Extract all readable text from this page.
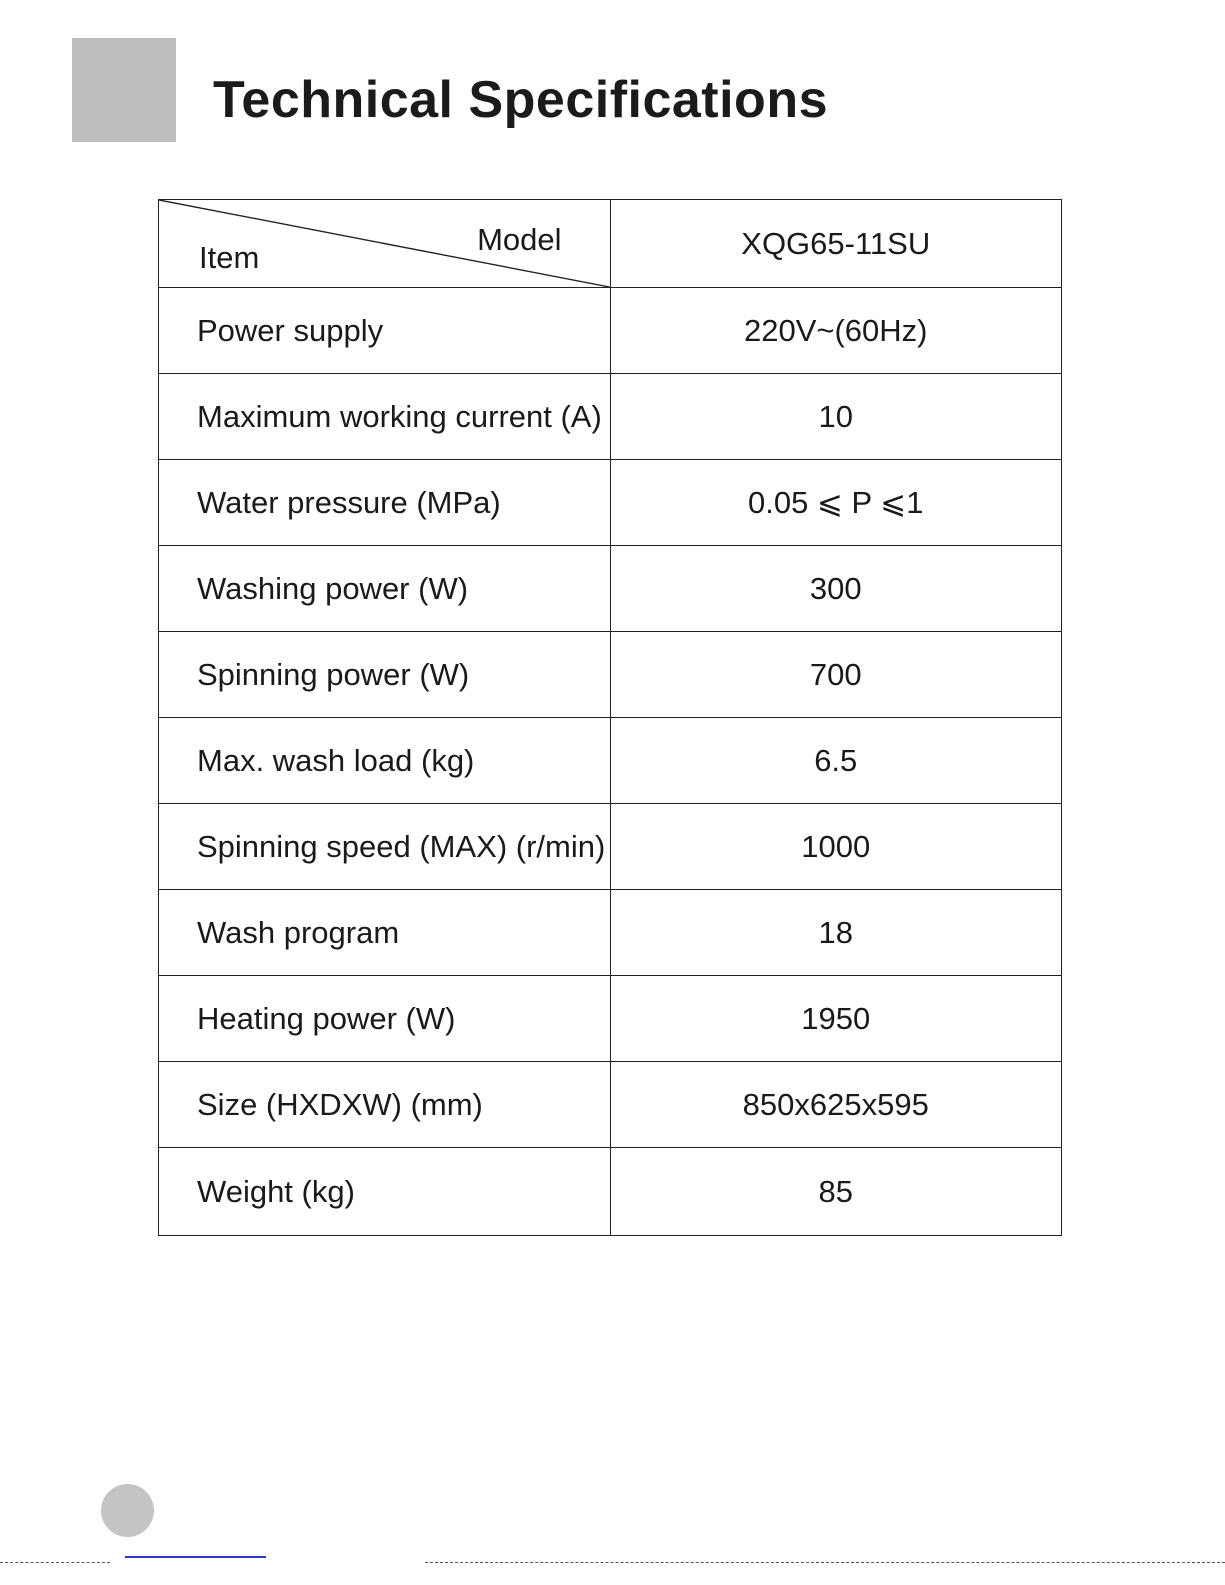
Technical Specifications
Item
Model	XQG65-11SU
Power supply	220V~(60Hz)
Maximum working current (A)	10
Water pressure (MPa)	0.05 ⩽ P ⩽1
Washing power (W)	300
Spinning power (W)	700
Max. wash load (kg)	6.5
Spinning speed (MAX) (r/min)	1000
Wash program	18
Heating power (W)	1950
Size (HXDXW) (mm)	850x625x595
Weight (kg)	85
